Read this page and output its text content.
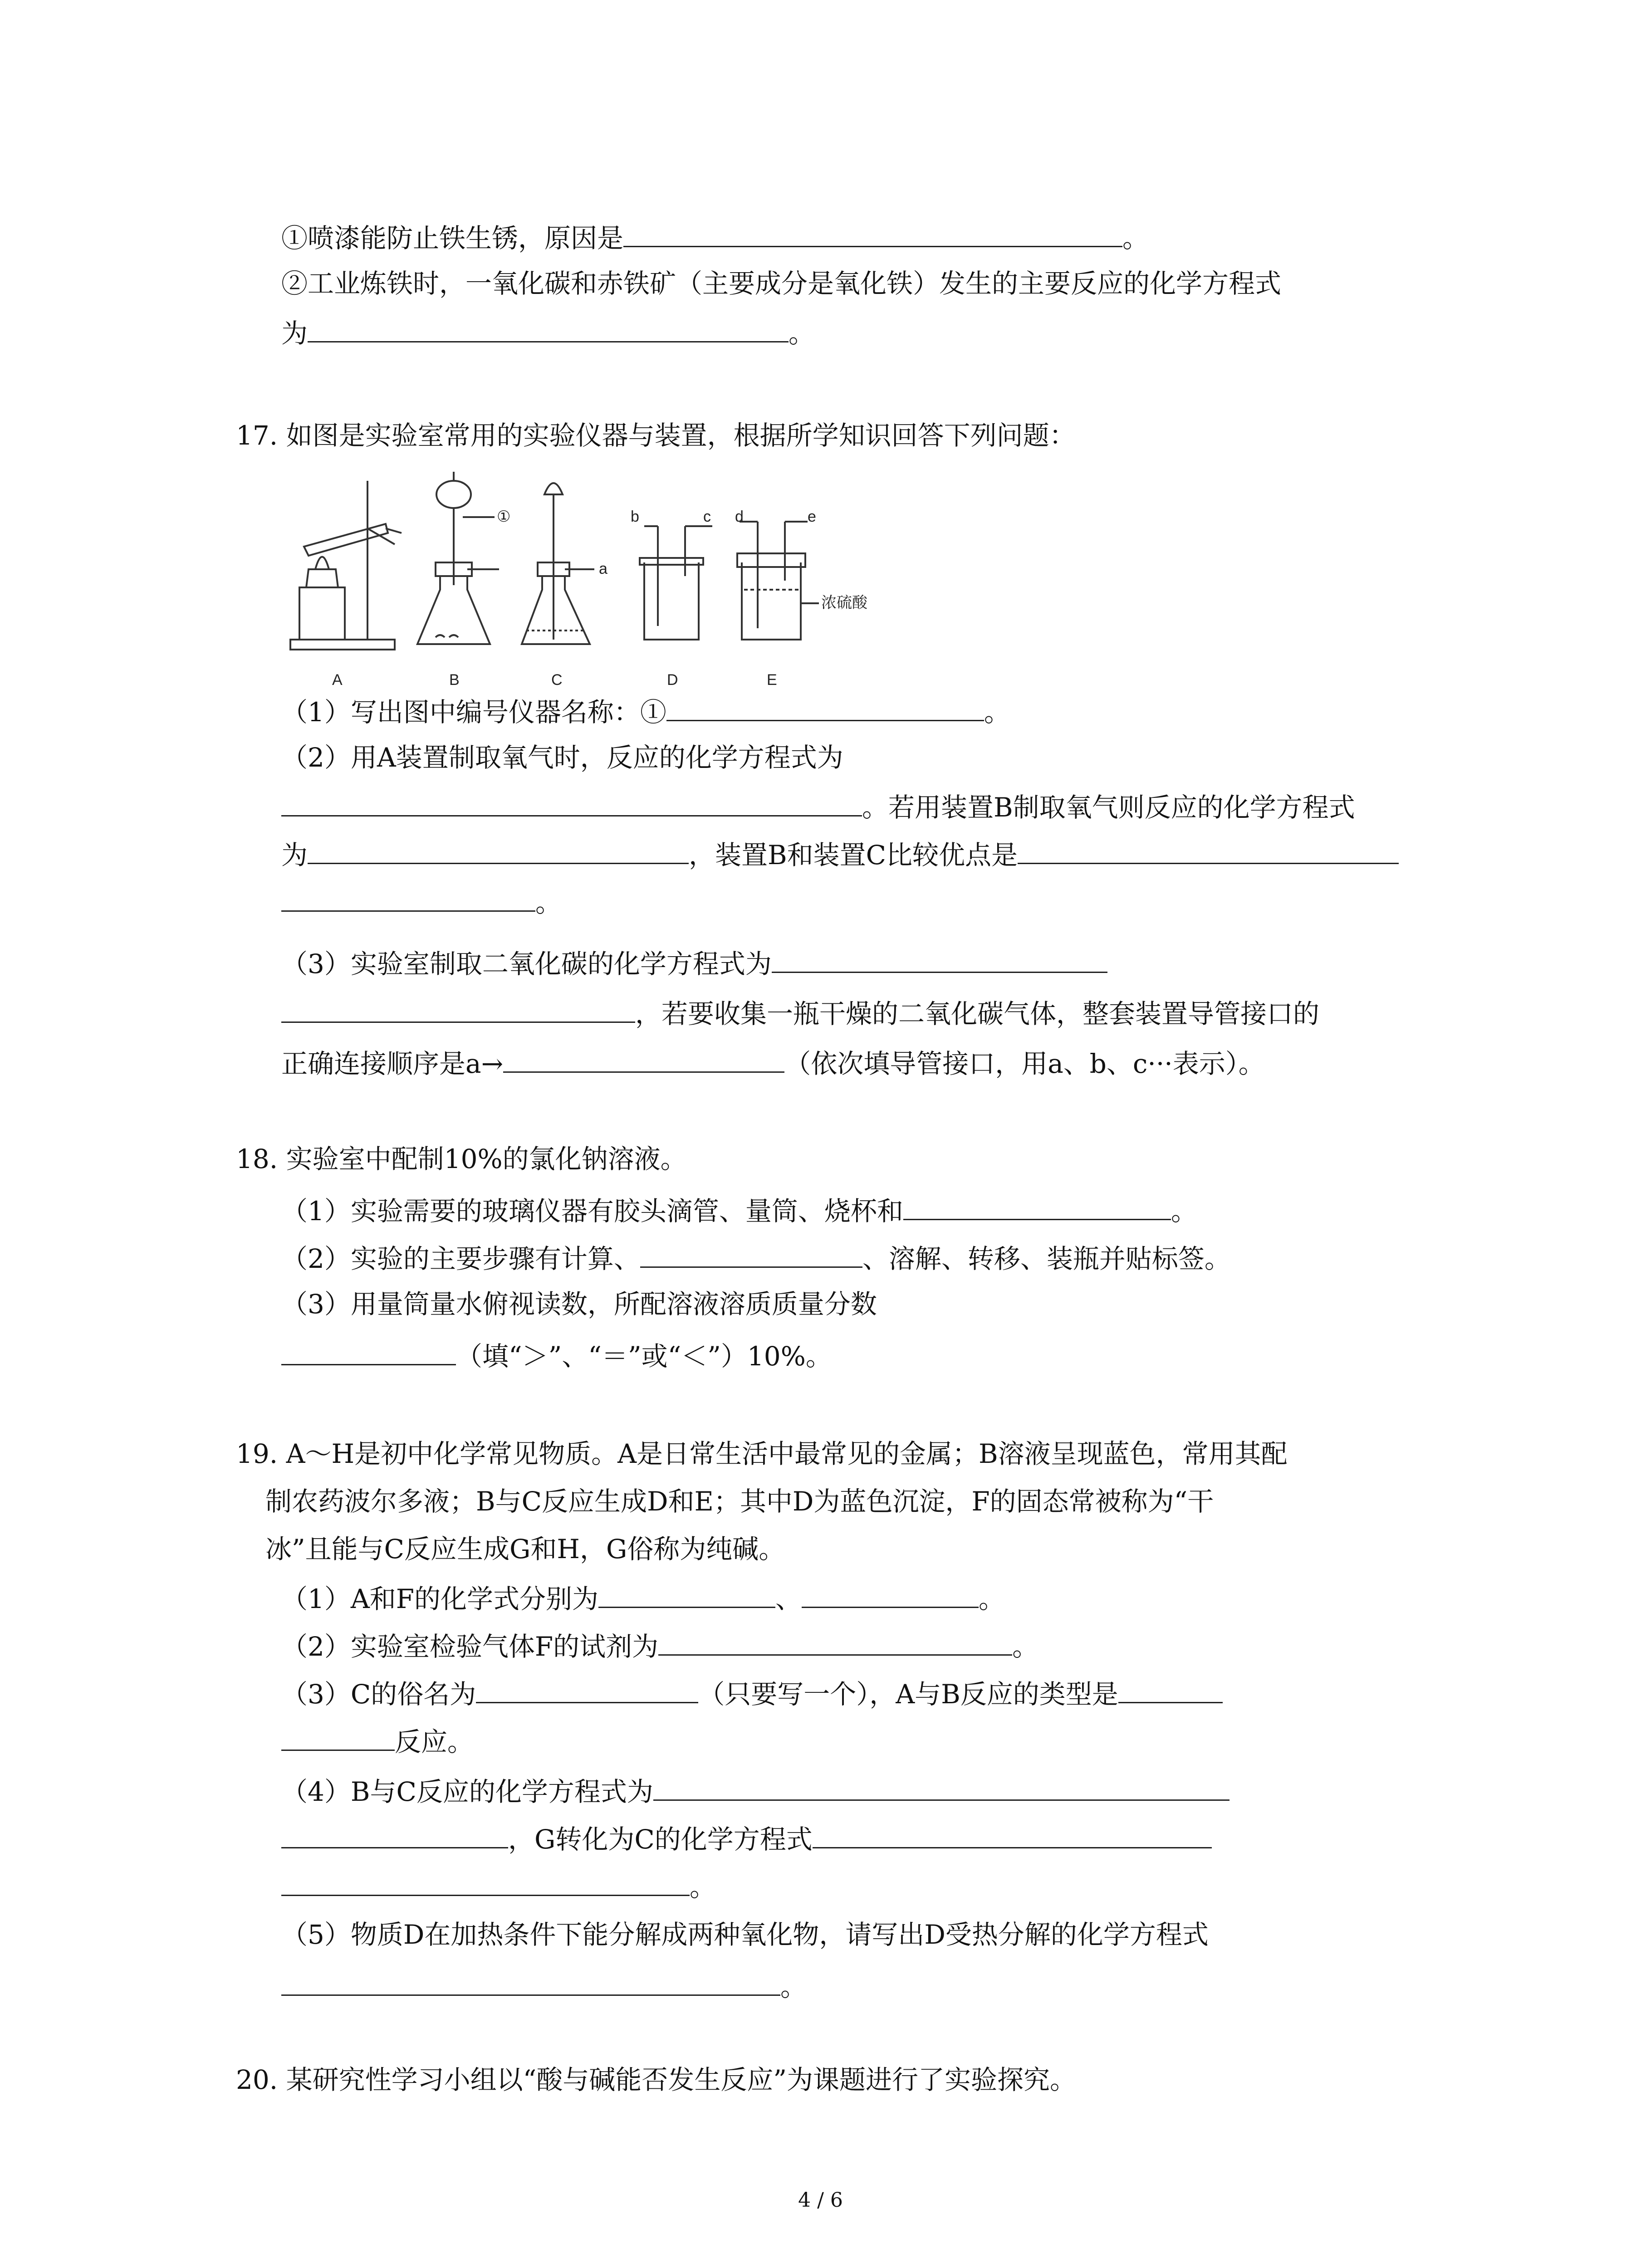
①喷漆能防止铁生锈，原因是	。
②工业炼铁时，一氧化碳和赤铁矿（主要成分是氧化铁）发生的主要反应的化学方程式
为	。
17. 如图是实验室常用的实验仪器与装置，根据所学知识回答下列问题：
A	B	C	D	E
①
a
b	c d	e
浓硫酸
（1）写出图中编号仪器名称：①	。
（2）用A装置制取氧气时，反应的化学方程式为
。若用装置B制取氧气则反应的化学方程式
为	，装置B和装置C比较优点是
。
（3）实验室制取二氧化碳的化学方程式为
，若要收集一瓶干燥的二氧化碳气体，整套装置导管接口的
正确连接顺序是a→	（依次填导管接口，用a、b、c···表示）。
18. 实验室中配制10%的氯化钠溶液。
（1）实验需要的玻璃仪器有胶头滴管、量筒、烧杯和	。
（2）实验的主要步骤有计算、	、溶解、转移、装瓶并贴标签。
（3）用量筒量水俯视读数，所配溶液溶质质量分数
（填“＞”、“＝”或“＜”）10%。
19. A～H是初中化学常见物质。A是日常生活中最常见的金属；B溶液呈现蓝色，常用其配
制农药波尔多液；B与C反应生成D和E；其中D为蓝色沉淀，F的固态常被称为“干
冰”且能与C反应生成G和H，G俗称为纯碱。
（1）A和F的化学式分别为	、	。
（2）实验室检验气体F的试剂为	。
（3）C的俗名为	（只要写一个），A与B反应的类型是
反应。
（4）B与C反应的化学方程式为
，G转化为C的化学方程式
。
（5）物质D在加热条件下能分解成两种氧化物，请写出D受热分解的化学方程式
。
20. 某研究性学习小组以“酸与碱能否发生反应”为课题进行了实验探究。
4 / 6
